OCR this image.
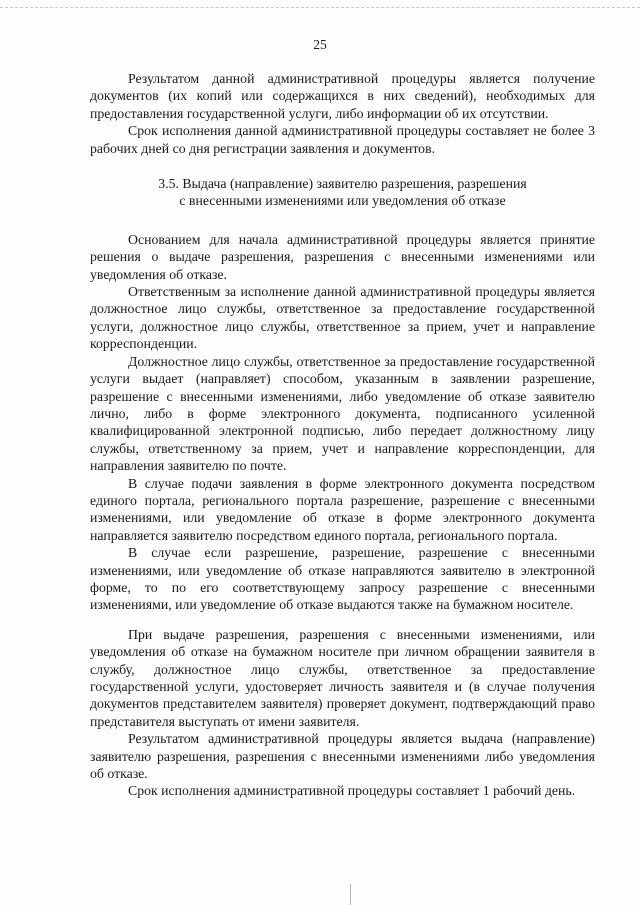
25

Результатом данной административной процедуры является получение документов (их копий или содержащихся в них сведений), необходимых для предоставления государственной услуги, либо информации об их отсутствии.

Срок исполнения данной административной процедуры составляет не более 3 рабочих дней со дня регистрации заявления и документов.

3.5. Выдача (направление) заявителю разрешения, разрешения
с внесенными изменениями или уведомления об отказе

Основанием для начала административной процедуры является принятие решения о выдаче разрешения, разрешения с внесенными изменениями или уведомления об отказе.

Ответственным за исполнение данной административной процедуры является должностное лицо службы, ответственное за предоставление государственной услуги, должностное лицо службы, ответственное за прием, учет и направление корреспонденции.

Должностное лицо службы, ответственное за предоставление государственной услуги выдает (направляет) способом, указанным в заявлении разрешение, разрешение с внесенными изменениями, либо уведомление об отказе заявителю лично, либо в форме электронного документа, подписанного усиленной квалифицированной электронной подписью, либо передает должностному лицу службы, ответственному за прием, учет и направление корреспонденции, для направления заявителю по почте.

В случае подачи заявления в форме электронного документа посредством единого портала, регионального портала разрешение, разрешение с внесенными изменениями, или уведомление об отказе в форме электронного документа направляется заявителю посредством единого портала, регионального портала.

В случае если разрешение, разрешение, разрешение с внесенными изменениями, или уведомление об отказе направляются заявителю в электронной форме, то по его соответствующему запросу разрешение с внесенными изменениями, или уведомление об отказе выдаются также на бумажном носителе.

При выдаче разрешения, разрешения с внесенными изменениями, или уведомления об отказе на бумажном носителе при личном обращении заявителя в службу, должностное лицо службы, ответственное за предоставление государственной услуги, удостоверяет личность заявителя и (в случае получения документов представителем заявителя) проверяет документ, подтверждающий право представителя выступать от имени заявителя.

Результатом административной процедуры является выдача (направление) заявителю разрешения, разрешения с внесенными изменениями либо уведомления об отказе.

Срок исполнения административной процедуры составляет 1 рабочий день.
